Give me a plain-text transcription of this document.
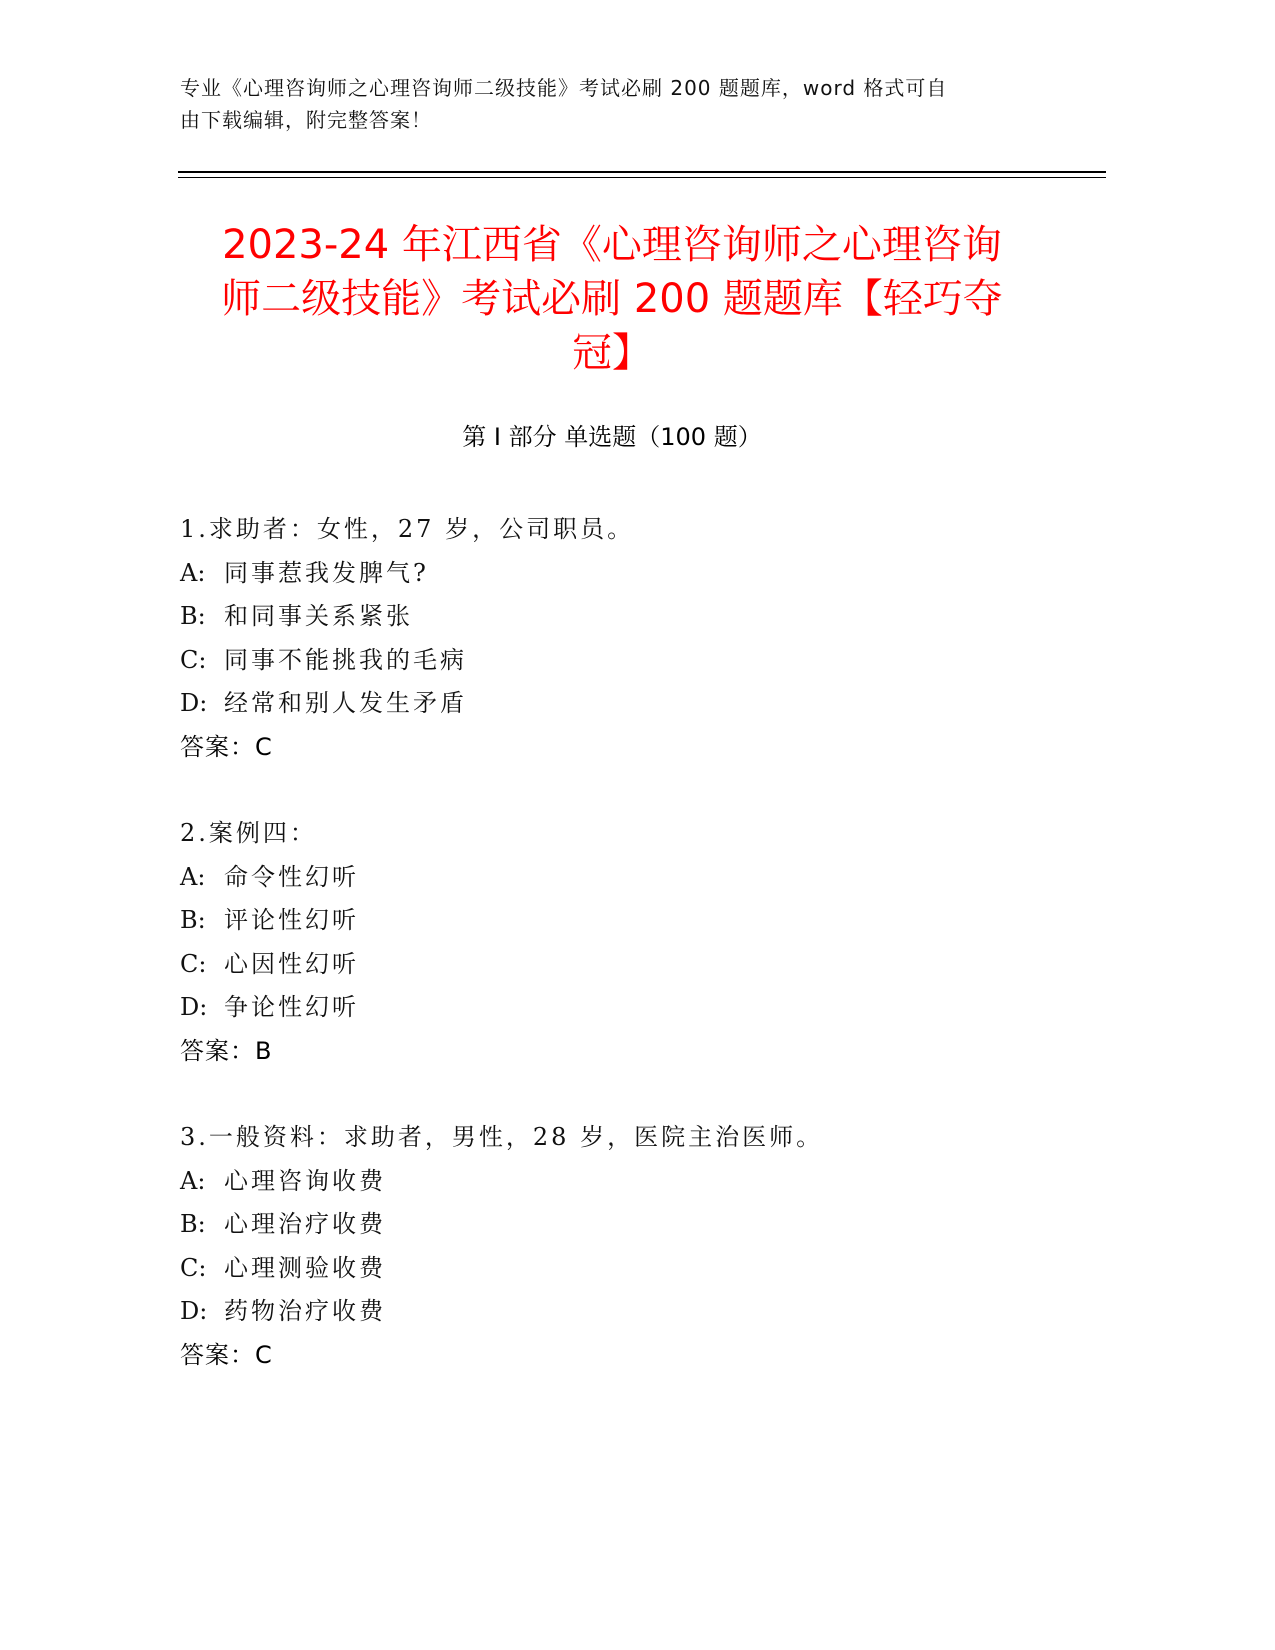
专业《心理咨询师之心理咨询师二级技能》考试必刷 200 题题库，word 格式可自
由下载编辑，附完整答案！
2023-24 年江西省《心理咨询师之心理咨询
师二级技能》考试必刷 200 题题库【轻巧夺
冠】
第 I 部分 单选题（100 题）
1.求助者：女性，27 岁，公司职员。
A: 同事惹我发脾气?
B: 和同事关系紧张
C: 同事不能挑我的毛病
D: 经常和别人发生矛盾
答案：C
2.案例四：
A: 命令性幻听
B: 评论性幻听
C: 心因性幻听
D: 争论性幻听
答案：B
3.一般资料：求助者，男性，28 岁，医院主治医师。
A: 心理咨询收费
B: 心理治疗收费
C: 心理测验收费
D: 药物治疗收费
答案：C
